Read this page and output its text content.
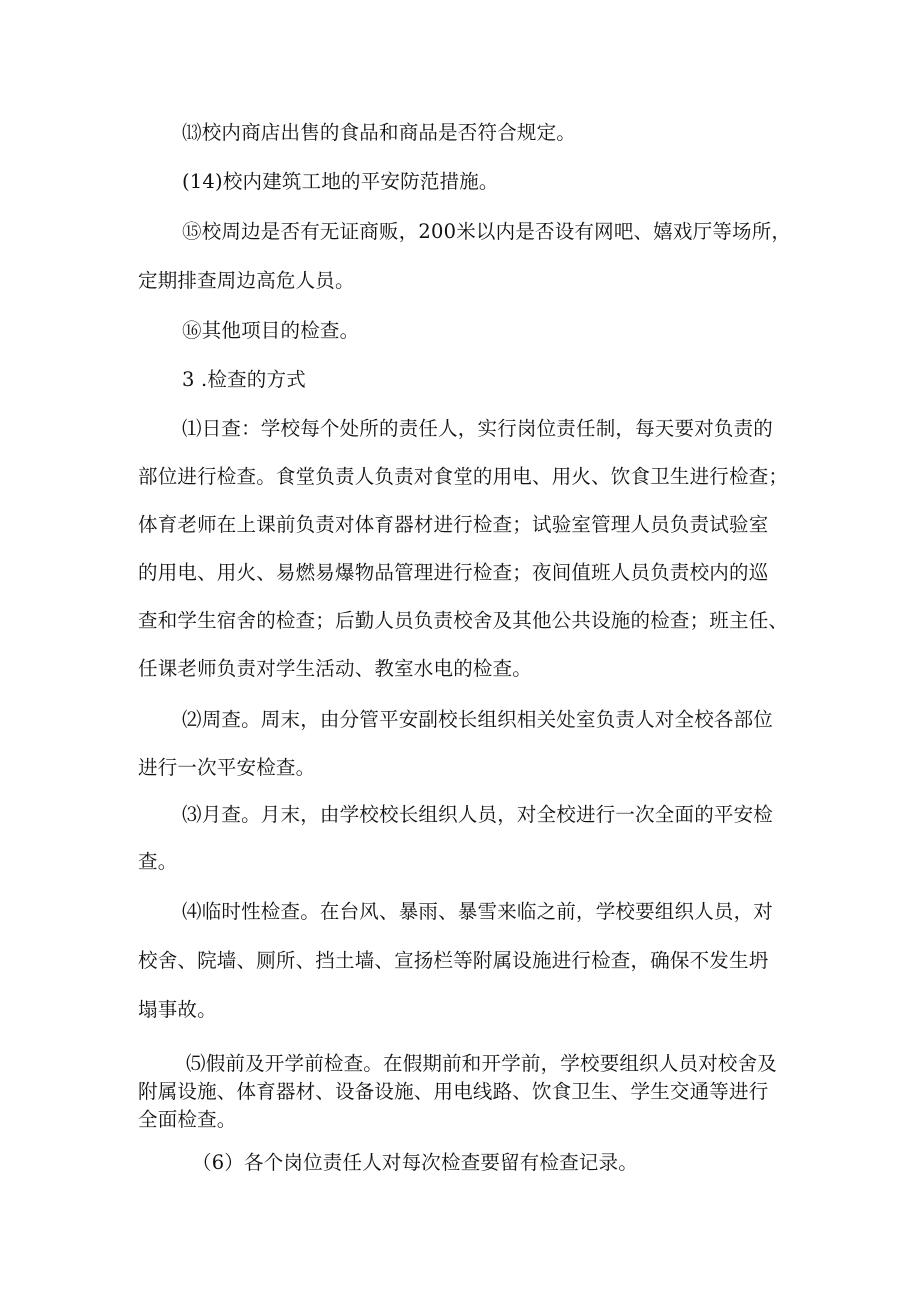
⒀校内商店出售的食品和商品是否符合规定。
(14)校内建筑工地的平安防范措施。
⑮校周边是否有无证商贩，200米以内是否设有网吧、嬉戏厅等场所，
定期排查周边高危人员。
⑯其他项目的检查。
3 .检查的方式
⑴日查：学校每个处所的责任人，实行岗位责任制，每天要对负责的
部位进行检查。食堂负责人负责对食堂的用电、用火、饮食卫生进行检查；
体育老师在上课前负责对体育器材进行检查；试验室管理人员负责试验室
的用电、用火、易燃易爆物品管理进行检查；夜间值班人员负责校内的巡
查和学生宿舍的检查；后勤人员负责校舍及其他公共设施的检查；班主任、
任课老师负责对学生活动、教室水电的检查。
⑵周查。周末，由分管平安副校长组织相关处室负责人对全校各部位
进行一次平安检查。
⑶月查。月末，由学校校长组织人员，对全校进行一次全面的平安检
查。
⑷临时性检查。在台风、暴雨、暴雪来临之前，学校要组织人员，对
校舍、院墙、厕所、挡土墙、宣扬栏等附属设施进行检查，确保不发生坍
塌事故。
⑸假前及开学前检查。在假期前和开学前，学校要组织人员对校舍及
附属设施、体育器材、设备设施、用电线路、饮食卫生、学生交通等进行
全面检查。
（6）各个岗位责任人对每次检查要留有检查记录。
